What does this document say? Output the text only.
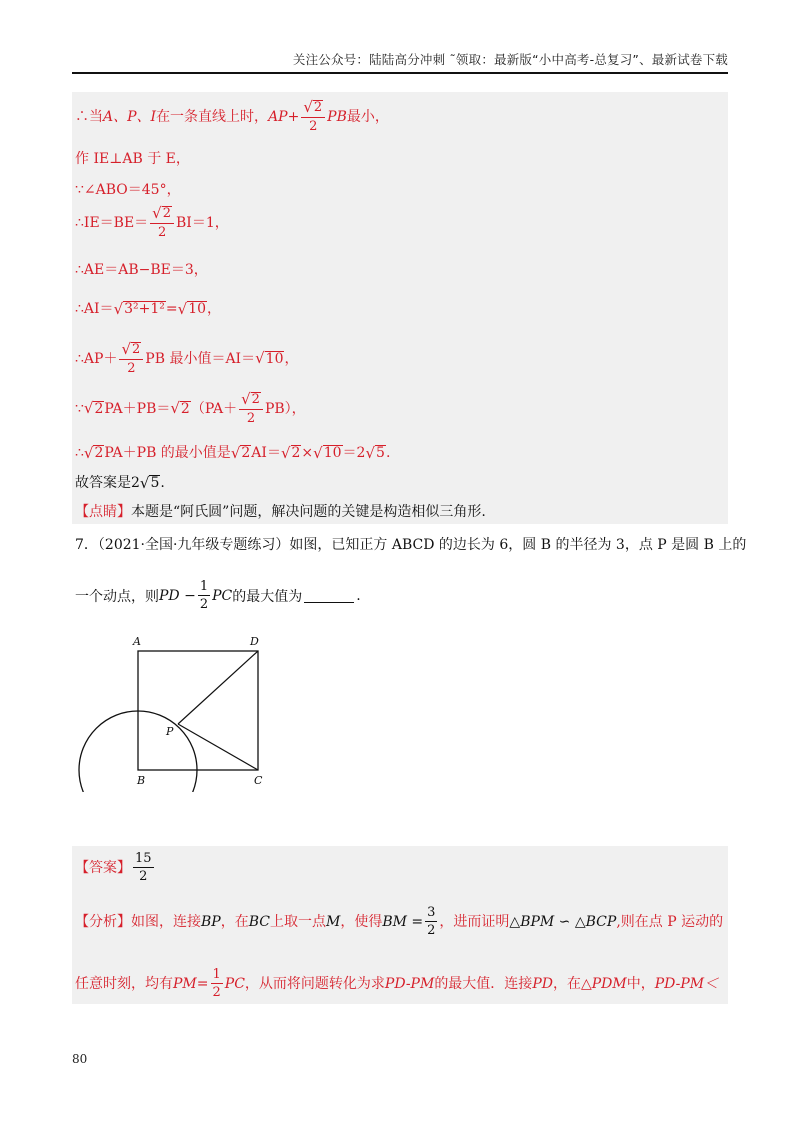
关注公众号：陆陆高分冲刺 ˜领取：最新版“小中高考-总复习”、最新试卷下载
∴当 A、P、I 在一条直线上时， $AP+ \frac{√ 2}{2}$ PB 最小，
作 IE⊥AB 于 E，
∵∠ABO＝45°，
∴IE＝BE＝ $\frac{√ 2}{2} BI=1$，
∴AE＝AB−BE＝3，
∴AI＝ √ 3²+1² = √ 10 ，
∴AP＋ $\frac{√ 2}{2}$ PB 最小值＝AI＝ √ 10 ，
∵ √ 2 PA＋PB＝ √ 2 $(PA+ \frac{√ 2}{2} PB)$，
∴ √ 2 PA＋PB 的最小值是 √ 2 AI＝ √ 2 × √ 10 ＝2 √ 5 .
故答案是2 √ 5 .
【点睛】 本题是“阿氏圆”问题，解决问题的关键是构造相似三角形.
7．（2021·全国·九年级专题练习）如图，已知正方 ABCD 的边长为 6，圆 B 的半径为 3，点 P 是圆 B 上的
一个动点，则 PD − $\frac{1}{2}$ PC 的最大值为	.
A	D
P
B	C
【答案】 $\frac{15}{2}$
【分析】 如图，连接 BP ，在 BC 上取一点 M ，使得 BM = $\frac{3}{2}$ ，进而证明 △BPM ∽ △BCP ,则在点 P 运动的
任意时刻，均有 $PM= \frac{1}{2}$ PC ，从而将问题转化为求 PD-PM 的最大值．连接 PD ，在 △PDM 中， PD-PM＜
80
